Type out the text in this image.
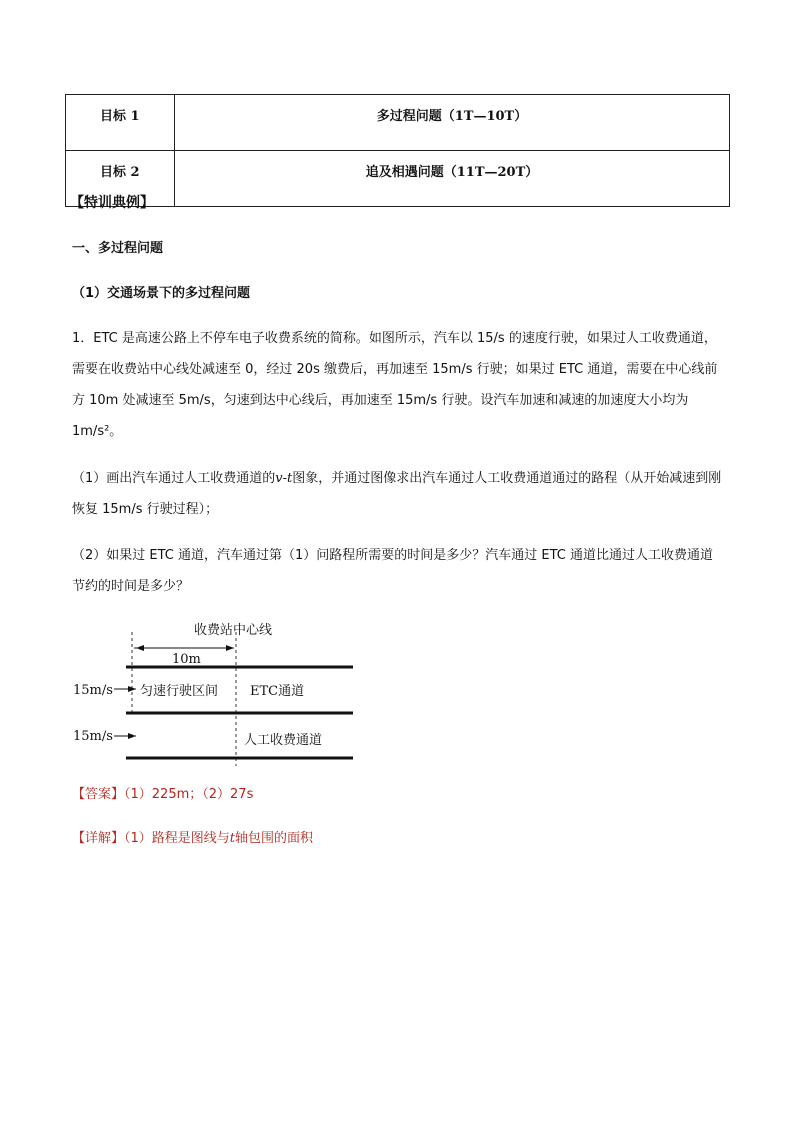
目标 1	多过程问题（1T—10T）
目标 2	追及相遇问题（11T—20T）
【特训典例】
一、多过程问题
（1）交通场景下的多过程问题
1．ETC 是高速公路上不停车电子收费系统的简称。如图所示，汽车以 15/s 的速度行驶，如果过人工收费通道，需要在收费站中心线处减速至 0，经过 20s 缴费后，再加速至 15m/s 行驶；如果过 ETC 通道，需要在中心线前方 10m 处减速至 5m/s，匀速到达中心线后，再加速至 15m/s 行驶。设汽车加速和减速的加速度大小均为 1m/s²。
（1）画出汽车通过人工收费通道的v-t图象，并通过图像求出汽车通过人工收费通道通过的路程（从开始减速到刚恢复 15m/s 行驶过程）；
（2）如果过 ETC 通道，汽车通过第（1）问路程所需要的时间是多少？汽车通过 ETC 通道比通过人工收费通道节约的时间是多少？
收费站中心线
10m
15m/s 匀速行驶区间 ETC通道
15m/s	人工收费通道
【答案】（1）225m；（2）27s
【详解】（1）路程是图线与t轴包围的面积
